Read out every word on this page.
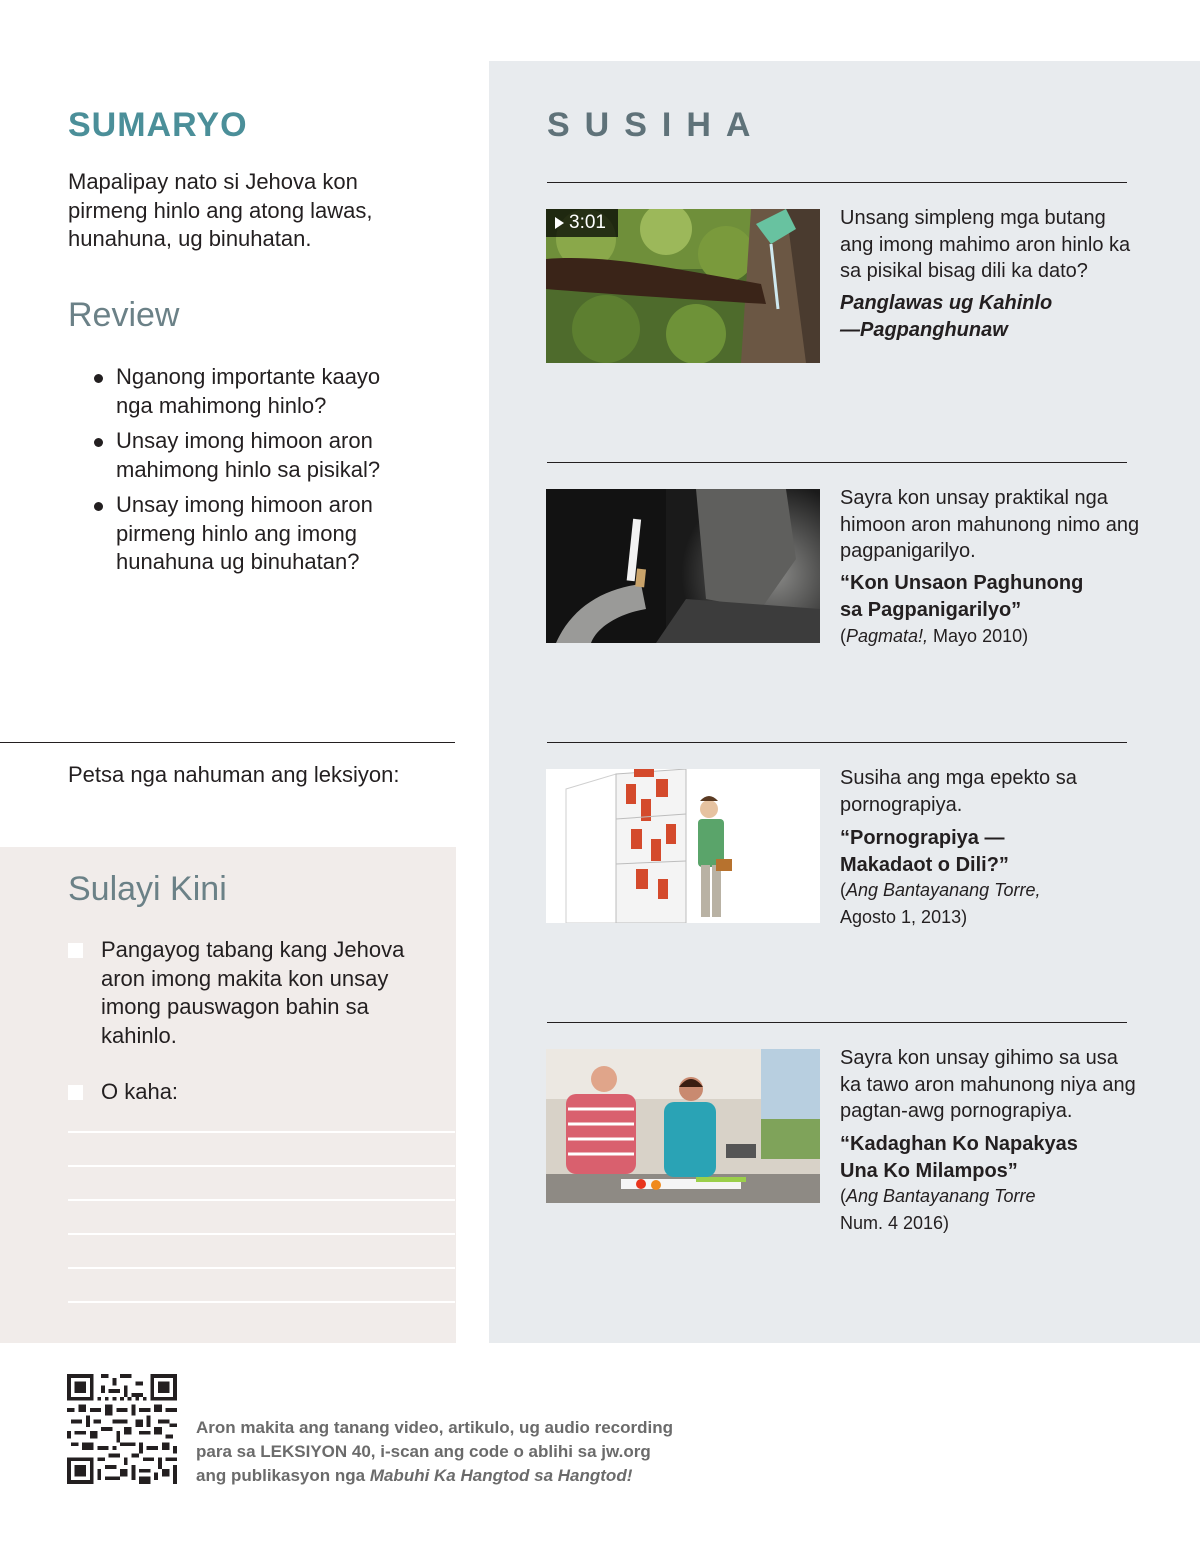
SUMARYO
Mapalipay nato si Jehova kon pirmeng hinlo ang atong lawas, hunahuna, ug binuhatan.
Review
Nganong importante kaayo nga mahimong hinlo?
Unsay imong himoon aron mahimong hinlo sa pisikal?
Unsay imong himoon aron pirmeng hinlo ang imong hunahuna ug binuhatan?
Petsa nga nahuman ang leksiyon:
Sulayi Kini
Pangayog tabang kang Jehova aron imong makita kon unsay imong pauswagon bahin sa kahinlo.
O kaha:
SUSIHA
3:01	Unsang simpleng mga butang ang imong mahimo aron hinlo ka sa pisikal bisag dili ka dato?
Panglawas ug Kahinlo —Pagpanghunaw
Sayra kon unsay praktikal nga himoon aron mahunong nimo ang pagpanigarilyo.
“Kon Unsaon Paghunong sa Pagpanigarilyo”
(Pagmata!, Mayo 2010)
Susiha ang mga epekto sa pornograpiya.
“Pornograpiya —Makadaot o Dili?”
(Ang Bantayanang Torre,
Agosto 1, 2013)
Sayra kon unsay gihimo sa usa ka tawo aron mahunong niya ang pagtan-awg pornograpiya.
“Kadaghan Ko Napakyas Una Ko Milampos”
(Ang Bantayanang Torre
Num. 4 2016)
Aron makita ang tanang video, artikulo, ug audio recording
para sa LEKSIYON 40, i-scan ang code o ablihi sa jw.org
ang publikasyon nga Mabuhi Ka Hangtod sa Hangtod!
